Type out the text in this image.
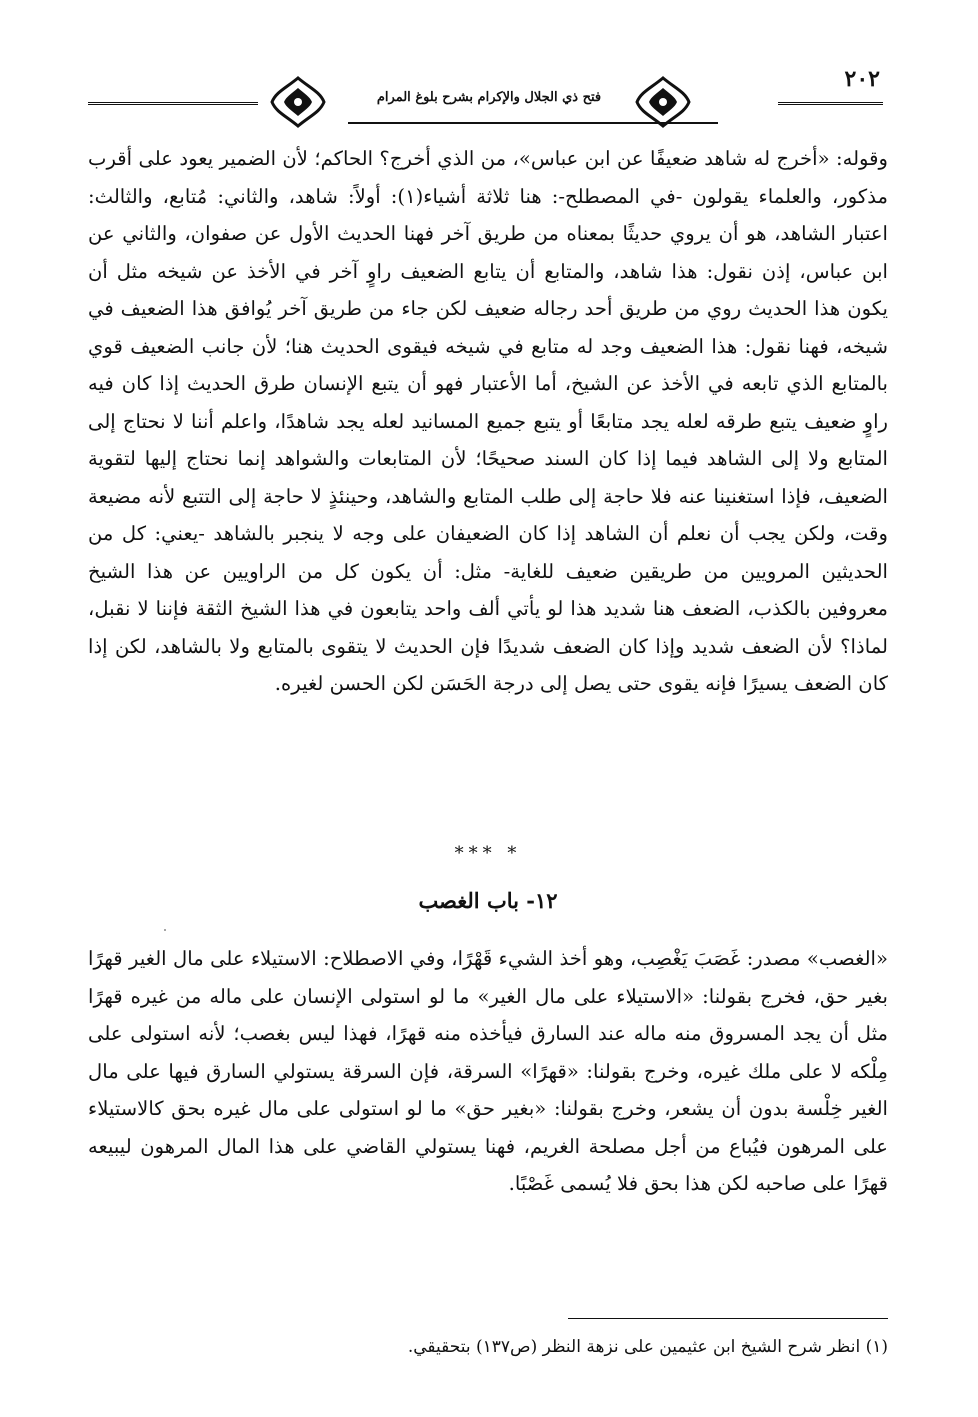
فتح ذي الجلال والإكرام بشرح بلوغ المرام
٢٠٢

وقوله: «أخرج له شاهد ضعيفًا عن ابن عباس»، من الذي أخرج؟ الحاكم؛ لأن الضمير يعود على أقرب مذكور، والعلماء يقولون -في المصطلح-: هنا ثلاثة أشياء(١): أولاً: شاهد، والثاني: مُتابع، والثالث: اعتبار الشاهد، هو أن يروي حديثًا بمعناه من طريق آخر فهنا الحديث الأول عن صفوان، والثاني عن ابن عباس، إذن نقول: هذا شاهد، والمتابع أن يتابع الضعيف راوٍ آخر في الأخذ عن شيخه مثل أن يكون هذا الحديث روي من طريق أحد رجاله ضعيف لكن جاء من طريق آخر يُوافق هذا الضعيف في شيخه، فهنا نقول: هذا الضعيف وجد له متابع في شيخه فيقوى الحديث هنا؛ لأن جانب الضعيف قوي بالمتابع الذي تابعه في الأخذ عن الشيخ، أما الأعتبار فهو أن يتبع الإنسان طرق الحديث إذا كان فيه راوٍ ضعيف يتبع طرقه لعله يجد متابعًا أو يتبع جميع المسانيد لعله يجد شاهدًا، واعلم أننا لا نحتاج إلى المتابع ولا إلى الشاهد فيما إذا كان السند صحيحًا؛ لأن المتابعات والشواهد إنما نحتاج إليها لتقوية الضعيف، فإذا استغنينا عنه فلا حاجة إلى طلب المتابع والشاهد، وحينئذٍ لا حاجة إلى التتبع لأنه مضيعة وقت، ولكن يجب أن نعلم أن الشاهد إذا كان الضعيفان على وجه لا ينجبر بالشاهد -يعني: كل من الحديثين المرويين من طريقين ضعيف للغاية- مثل: أن يكون كل من الراويين عن هذا الشيخ معروفين بالكذب، الضعف هنا شديد هذا لو يأتي ألف واحد يتابعون في هذا الشيخ الثقة فإننا لا نقبل، لماذا؟ لأن الضعف شديد وإذا كان الضعف شديدًا فإن الحديث لا يتقوى بالمتابع ولا بالشاهد، لكن إذا كان الضعف يسيرًا فإنه يقوى حتى يصل إلى درجة الحَسَن لكن الحسن لغيره.

*** *
١٢- باب الغصب

«الغصب» مصدر: غَصَبَ يَغْصِب، وهو أخذ الشيء قَهْرًا، وفي الاصطلاح: الاستيلاء على مال الغير قهرًا بغير حق، فخرج بقولنا: «الاستيلاء على مال الغير» ما لو استولى الإنسان على ماله من غيره قهرًا مثل أن يجد المسروق منه ماله عند السارق فيأخذه منه قهرًا، فهذا ليس بغصب؛ لأنه استولى على مِلْكه لا على ملك غيره، وخرج بقولنا: «قهرًا» السرقة، فإن السرقة يستولي السارق فيها على مال الغير خِلْسة بدون أن يشعر، وخرج بقولنا: «بغير حق» ما لو استولى على مال غيره بحق كالاستيلاء على المرهون فيُباع من أجل مصلحة الغريم، فهنا يستولي القاضي على هذا المال المرهون ليبيعه قهرًا على صاحبه لكن هذا بحق فلا يُسمى غَصْبًا.

(١) انظر شرح الشيخ ابن عثيمين على نزهة النظر (ص١٣٧) بتحقيقي.
